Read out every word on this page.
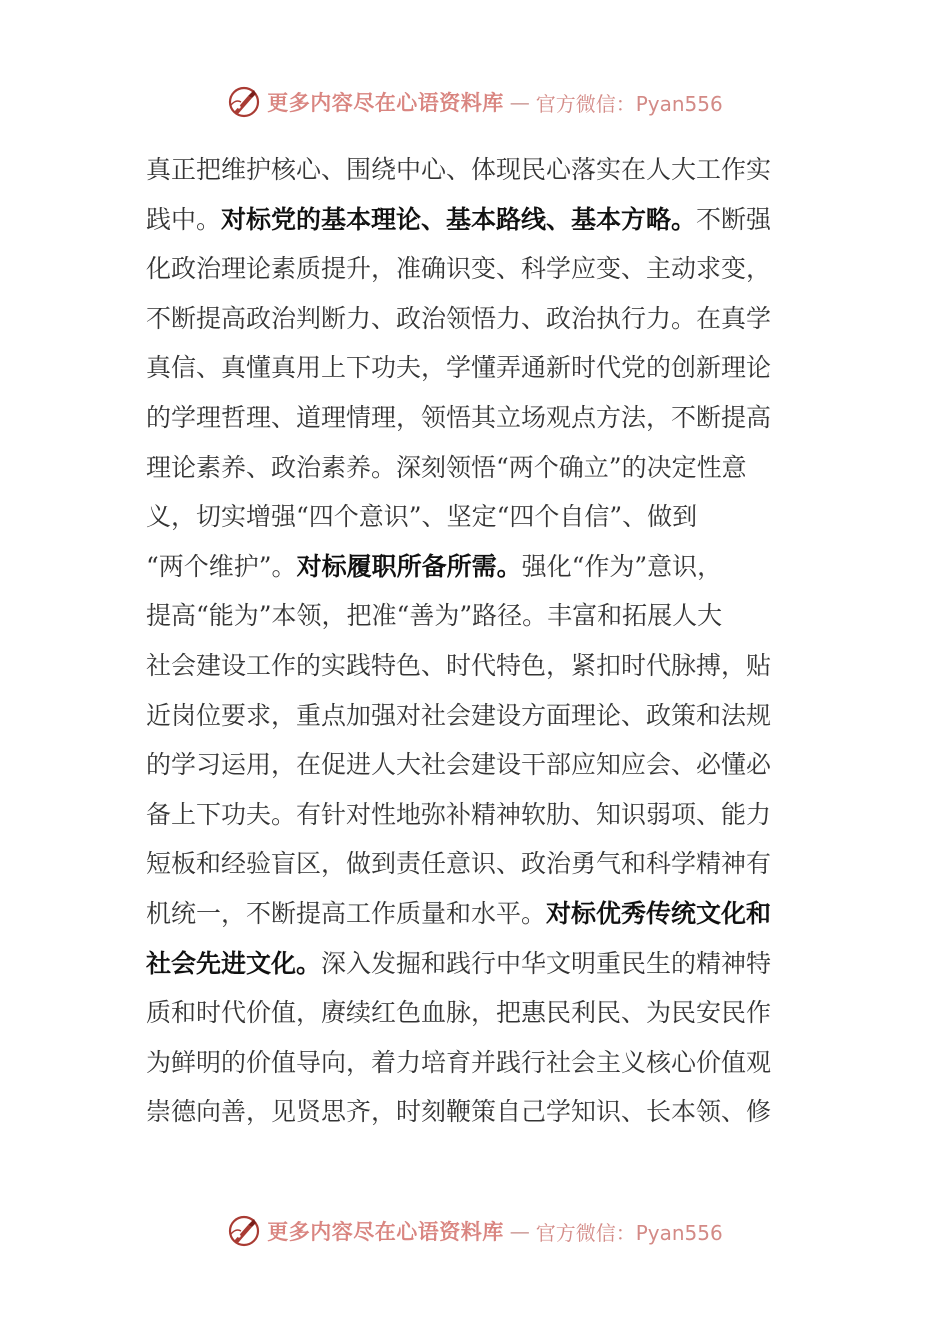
更多内容尽在心语资料库 — 官方微信：Pyan556
真正把维护核心、围绕中心、体现民心落实在人大工作实
践中。对标党的基本理论、基本路线、基本方略。不断强
化政治理论素质提升，准确识变、科学应变、主动求变，
不断提高政治判断力、政治领悟力、政治执行力。在真学
真信、真懂真用上下功夫，学懂弄通新时代党的创新理论
的学理哲理、道理情理，领悟其立场观点方法，不断提高
理论素养、政治素养。深刻领悟“两个确立”的决定性意
义，切实增强“四个意识”、坚定“四个自信”、做到
“两个维护”。对标履职所备所需。强化“作为”意识，
提高“能为”本领，把准“善为”路径。丰富和拓展人大
社会建设工作的实践特色、时代特色，紧扣时代脉搏，贴
近岗位要求，重点加强对社会建设方面理论、政策和法规
的学习运用，在促进人大社会建设干部应知应会、必懂必
备上下功夫。有针对性地弥补精神软肋、知识弱项、能力
短板和经验盲区，做到责任意识、政治勇气和科学精神有
机统一，不断提高工作质量和水平。对标优秀传统文化和
社会先进文化。深入发掘和践行中华文明重民生的精神特
质和时代价值，赓续红色血脉，把惠民利民、为民安民作
为鲜明的价值导向，着力培育并践行社会主义核心价值观
崇德向善，见贤思齐，时刻鞭策自己学知识、长本领、修
更多内容尽在心语资料库 — 官方微信：Pyan556
